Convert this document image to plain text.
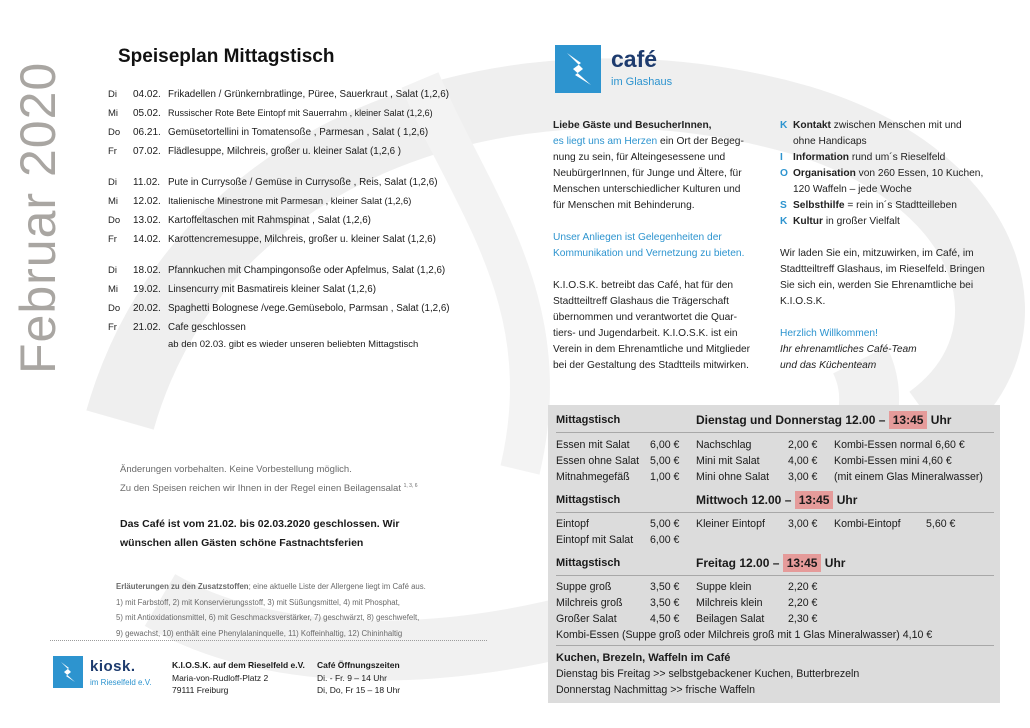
Februar 2020
Speiseplan Mittagstisch
Di	04.02. Frikadellen / Grünkernbratlinge, Püree, Sauerkraut , Salat (1,2,6)
Mi	05.02. Russischer Rote Bete Eintopf mit Sauerrahm , kleiner Salat (1,2,6)
Do	06.21. Gemüsetortellini in Tomatensoße , Parmesan , Salat ( 1,2,6)
Fr	07.02. Flädlesuppe, Milchreis, großer u. kleiner Salat (1,2,6 )
Di	11.02. Pute in Currysoße / Gemüse in Currysoße , Reis, Salat (1,2,6)
Mi	12.02. Italienische Minestrone mit Parmesan , kleiner Salat (1,2,6)
Do	13.02. Kartoffeltaschen mit Rahmspinat , Salat (1,2,6)
Fr	14.02. Karottencremesuppe, Milchreis, großer u. kleiner Salat (1,2,6)
Di	18.02. Pfannkuchen mit Champingonsoße oder Apfelmus, Salat (1,2,6)
Mi	19.02. Linsencurry mit Basmatireis kleiner Salat (1,2,6)
Do	20.02. Spaghetti Bolognese /vege.Gemüsebolo, Parmsan , Salat (1,2,6)
Fr	21.02. Cafe geschlossen
ab den 02.03. gibt es wieder unseren beliebten Mittagstisch
Änderungen vorbehalten. Keine Vorbestellung möglich.
Zu den Speisen reichen wir Ihnen in der Regel einen Beilagensalat $^{1, 3, 6}$
Das Café ist vom 21.02. bis 02.03.2020 geschlossen. Wir
wünschen allen Gästen schöne Fastnachtsferien
Erläuterungen zu den Zusatzstoffen; eine aktuelle Liste der Allergene liegt im Café aus.
1) mit Farbstoff, 2) mit Konservierungsstoff, 3) mit Süßungsmittel, 4) mit Phosphat,
5) mit Antioxidationsmittel, 6) mit Geschmacksverstärker, 7) geschwärzt, 8) geschwefelt,
9) gewachst, 10) enthält eine Phenylalaninquelle, 11) Koffeinhaltig, 12) Chininhaltig
kiosk.
im Rieselfeld e.V.
K.I.O.S.K. auf dem Rieselfeld e.V.
Maria-von-Rudloff-Platz 2
79111 Freiburg
Café Öffnungszeiten
Di. - Fr. 9 – 14 Uhr
Di, Do, Fr 15 – 18 Uhr
café
im Glashaus
Liebe Gäste und BesucherInnen,

es liegt uns am Herzen ein Ort der Begeg-
nung zu sein, für Alteingesessene und
NeubürgerInnen, für Junge und Ältere, für
Menschen unterschiedlicher Kulturen und
für Menschen mit Behinderung.

Unser Anliegen ist Gelegenheiten der
Kommunikation und Vernetzung zu bieten.

K.I.O.S.K. betreibt das Café, hat für den
Stadtteiltreff Glashaus die Trägerschaft
übernommen und verantwortet die Quar-
tiers- und Jugendarbeit. K.I.O.S.K. ist ein
Verein in dem Ehrenamtliche und Mitglieder
bei der Gestaltung des Stadtteils mitwirken.

K Kontakt zwischen Menschen mit und
ohne Handicaps
I Information rund um´s Rieselfeld
O Organisation von 260 Essen, 10 Kuchen,
120 Waffeln – jede Woche
S Selbsthilfe = rein in´s Stadtteilleben
K Kultur in großer Vielfalt

Wir laden Sie ein, mitzuwirken, im Café, im
Stadtteiltreff Glashaus, im Rieselfeld. Bringen
Sie sich ein, werden Sie Ehrenamtliche bei
K.I.O.S.K.

Herzlich Willkommen!
Ihr ehrenamtliches Café-Team
und das Küchenteam
Mittagstisch	Dienstag und Donnerstag 12.00 – 13:45 Uhr
Essen mit Salat 6,00 € Nachschlag	2,00 € Kombi-Essen normal 6,60 €
Essen ohne Salat 5,00 € Mini mit Salat	4,00 € Kombi-Essen mini 4,60 €
Mitnahmegefäß 1,00 € Mini ohne Salat 3,00 € (mit einem Glas Mineralwasser)
Mittagstisch	Mittwoch 12.00 – 13:45 Uhr
Eintopf	5,00 € Kleiner Eintopf 3,00 € Kombi-Eintopf 5,60 €
Eintopf mit Salat 6,00 €
Mittagstisch	Freitag 12.00 – 13:45 Uhr
Suppe groß	3,50 € Suppe klein	2,20 €
Milchreis groß	3,50 € Milchreis klein 2,20 €
Großer Salat	4,50 € Beilagen Salat 2,30 €
Kombi-Essen (Suppe groß oder Milchreis groß mit 1 Glas Mineralwasser) 4,10 €
Kuchen, Brezeln, Waffeln im Café
Dienstag bis Freitag >> selbstgebackener Kuchen, Butterbrezeln
Donnerstag Nachmittag >> frische Waffeln
